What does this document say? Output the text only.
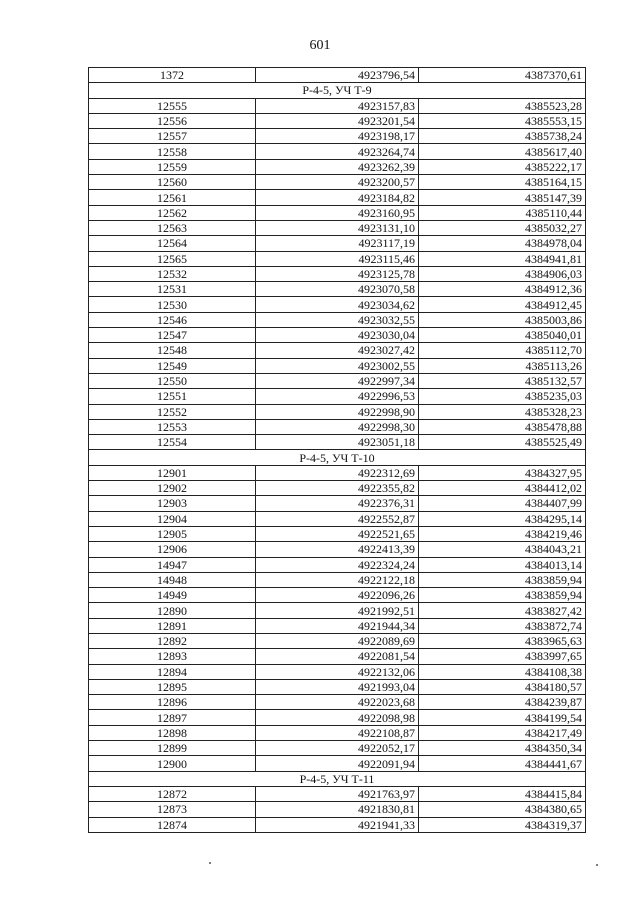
601
1372	4923796,54	4387370,61
Р-4-5, УЧ Т-9		
12555	4923157,83	4385523,28
12556	4923201,54	4385553,15
12557	4923198,17	4385738,24
12558	4923264,74	4385617,40
12559	4923262,39	4385222,17
12560	4923200,57	4385164,15
12561	4923184,82	4385147,39
12562	4923160,95	4385110,44
12563	4923131,10	4385032,27
12564	4923117,19	4384978,04
12565	4923115,46	4384941,81
12532	4923125,78	4384906,03
12531	4923070,58	4384912,36
12530	4923034,62	4384912,45
12546	4923032,55	4385003,86
12547	4923030,04	4385040,01
12548	4923027,42	4385112,70
12549	4923002,55	4385113,26
12550	4922997,34	4385132,57
12551	4922996,53	4385235,03
12552	4922998,90	4385328,23
12553	4922998,30	4385478,88
12554	4923051,18	4385525,49
Р-4-5, УЧ Т-10		
12901	4922312,69	4384327,95
12902	4922355,82	4384412,02
12903	4922376,31	4384407,99
12904	4922552,87	4384295,14
12905	4922521,65	4384219,46
12906	4922413,39	4384043,21
14947	4922324,24	4384013,14
14948	4922122,18	4383859,94
14949	4922096,26	4383859,94
12890	4921992,51	4383827,42
12891	4921944,34	4383872,74
12892	4922089,69	4383965,63
12893	4922081,54	4383997,65
12894	4922132,06	4384108,38
12895	4921993,04	4384180,57
12896	4922023,68	4384239,87
12897	4922098,98	4384199,54
12898	4922108,87	4384217,49
12899	4922052,17	4384350,34
12900	4922091,94	4384441,67
Р-4-5, УЧ Т-11		
12872	4921763,97	4384415,84
12873	4921830,81	4384380,65
12874	4921941,33	4384319,37
